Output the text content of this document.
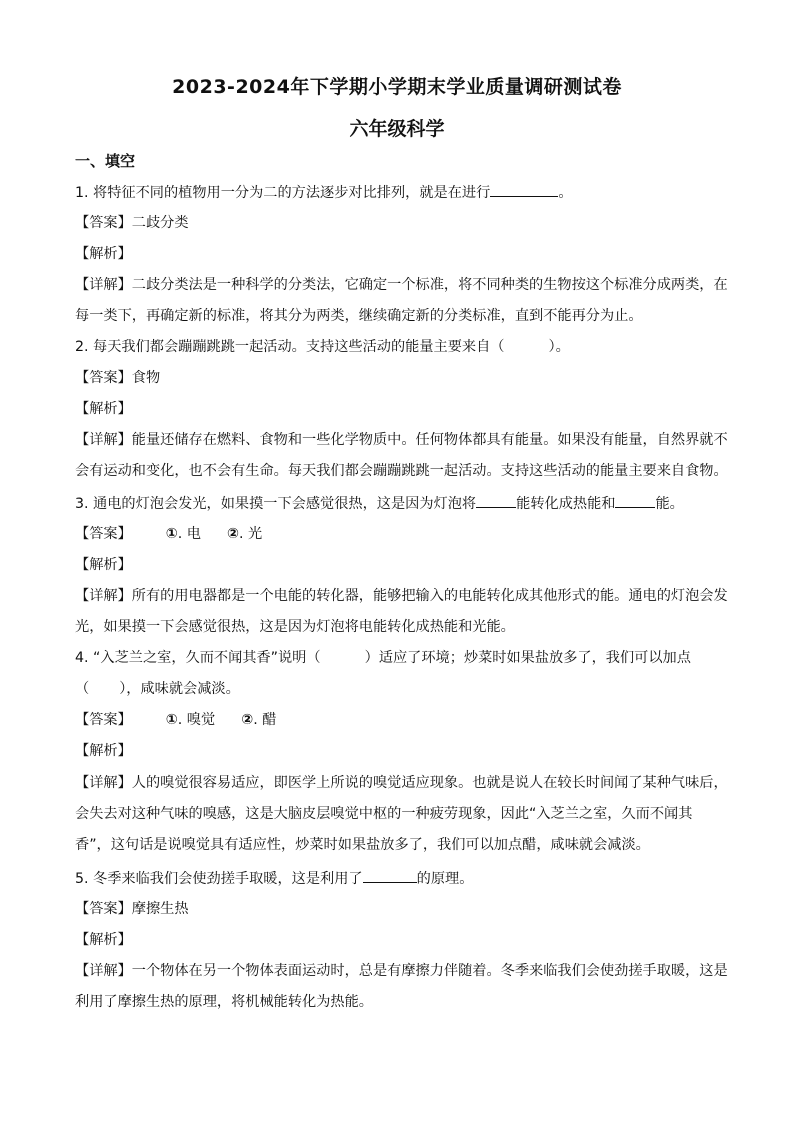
2023-2024年下学期小学期末学业质量调研测试卷
六年级科学
一、填空
1. 将特征不同的植物用一分为二的方法逐步对比排列，就是在进行	。
【答案】二歧分类
【解析】
【详解】二歧分类法是一种科学的分类法，它确定一个标准，将不同种类的生物按这个标准分成两类，在
每一类下，再确定新的标准，将其分为两类，继续确定新的分类标准，直到不能再分为止。
2. 每天我们都会蹦蹦跳跳一起活动。支持这些活动的能量主要来自（	）。
【答案】食物
【解析】
【详解】能量还储存在燃料、食物和一些化学物质中。任何物体都具有能量。如果没有能量，自然界就不
会有运动和变化，也不会有生命。每天我们都会蹦蹦跳跳一起活动。支持这些活动的能量主要来自食物。
3. 通电的灯泡会发光，如果摸一下会感觉很热，这是因为灯泡将	能转化成热能和	能。
【答案】 ①. 电 ②. 光
【解析】
【详解】所有的用电器都是一个电能的转化器，能够把输入的电能转化成其他形式的能。通电的灯泡会发
光，如果摸一下会感觉很热，这是因为灯泡将电能转化成热能和光能。
4. “入芝兰之室，久而不闻其香”说明（	）适应了环境；炒菜时如果盐放多了，我们可以加点
（ ），咸味就会减淡。
【答案】 ①. 嗅觉 ②. 醋
【解析】
【详解】人的嗅觉很容易适应，即医学上所说的嗅觉适应现象。也就是说人在较长时间闻了某种气味后，
会失去对这种气味的嗅感，这是大脑皮层嗅觉中枢的一种疲劳现象，因此“入芝兰之室，久而不闻其
香”，这句话是说嗅觉具有适应性，炒菜时如果盐放多了，我们可以加点醋，咸味就会减淡。
5. 冬季来临我们会使劲搓手取暖，这是利用了	的原理。
【答案】摩擦生热
【解析】
【详解】一个物体在另一个物体表面运动时，总是有摩擦力伴随着。冬季来临我们会使劲搓手取暖，这是
利用了摩擦生热的原理，将机械能转化为热能。
